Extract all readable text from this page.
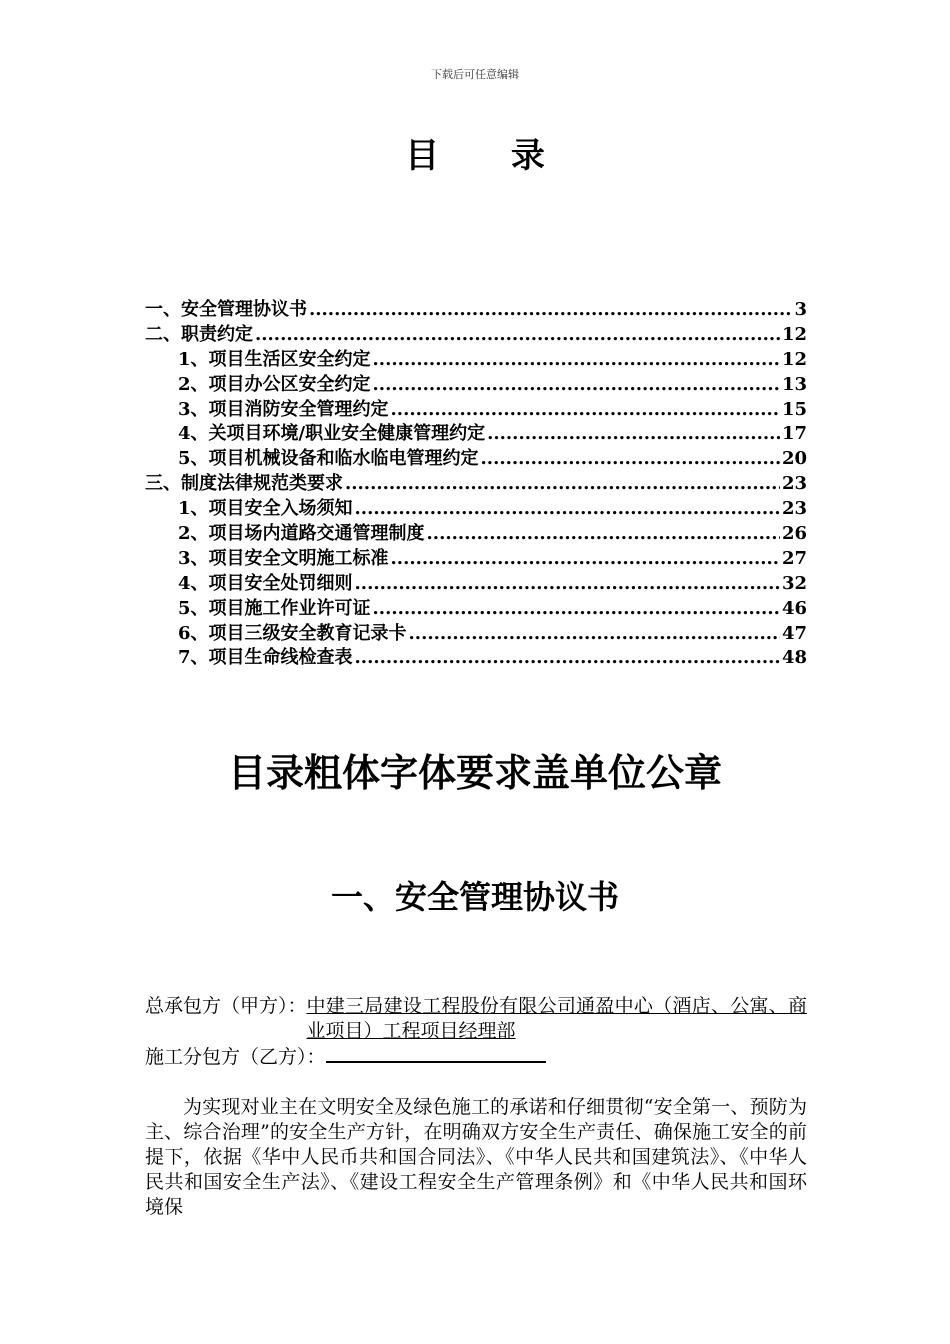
下载后可任意编辑
目 录
一、安全管理协议书 .....	3
二、职责约定 .....	12
1、项目生活区安全约定 .....	12
2、项目办公区安全约定 .....	13
3、项目消防安全管理约定 .....	15
4、关项目环境/职业安全健康管理约定 .....	17
5、项目机械设备和临水临电管理约定 .....	20
三、制度法律规范类要求 .....	23
1、项目安全入场须知 .....	23
2、项目场内道路交通管理制度 .....	26
3、项目安全文明施工标准 .....	27
4、项目安全处罚细则 .....	32
5、项目施工作业许可证 .....	46
6、项目三级安全教育记录卡 .....	47
7、项目生命线检查表 .....	48
目录粗体字体要求盖单位公章
一、安全管理协议书
总承包方（甲方）： 中建三局建设工程股份有限公司通盈中心（酒店、公寓、商业项目）工程项目经理部
施工分包方（乙方）：
为实现对业主在文明安全及绿色施工的承诺和仔细贯彻“安全第一、预防为主、综合治理”的安全生产方针，在明确双方安全生产责任、确保施工安全的前提下，依据《华中人民币共和国合同法》、《中华人民共和国建筑法》、《中华人民共和国安全生产法》、《建设工程安全生产管理条例》和《中华人民共和国环境保
